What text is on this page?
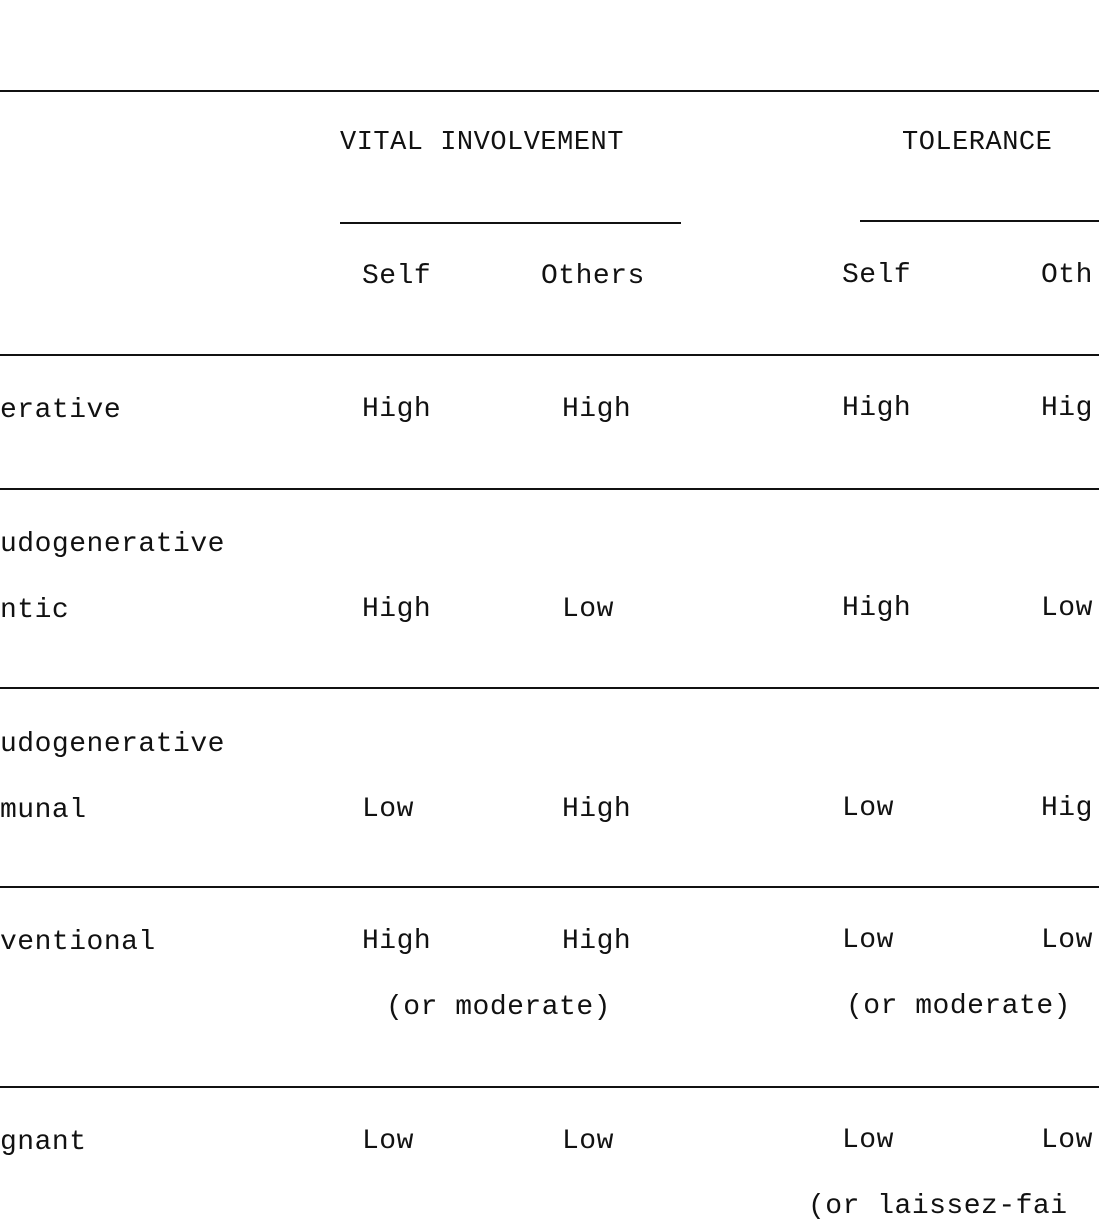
VITAL INVOLVEMENT	TOLERANCE
Self	Others	Self	Oth
erative	High	High	High	Hig
udogenerative
ntic	High	Low	High	Low
udogenerative
munal	Low	High	Low	Hig
ventional	High	High	Low	Low
(or moderate)	(or moderate)
gnant	Low	Low	Low	Low
(or laissez-fai
